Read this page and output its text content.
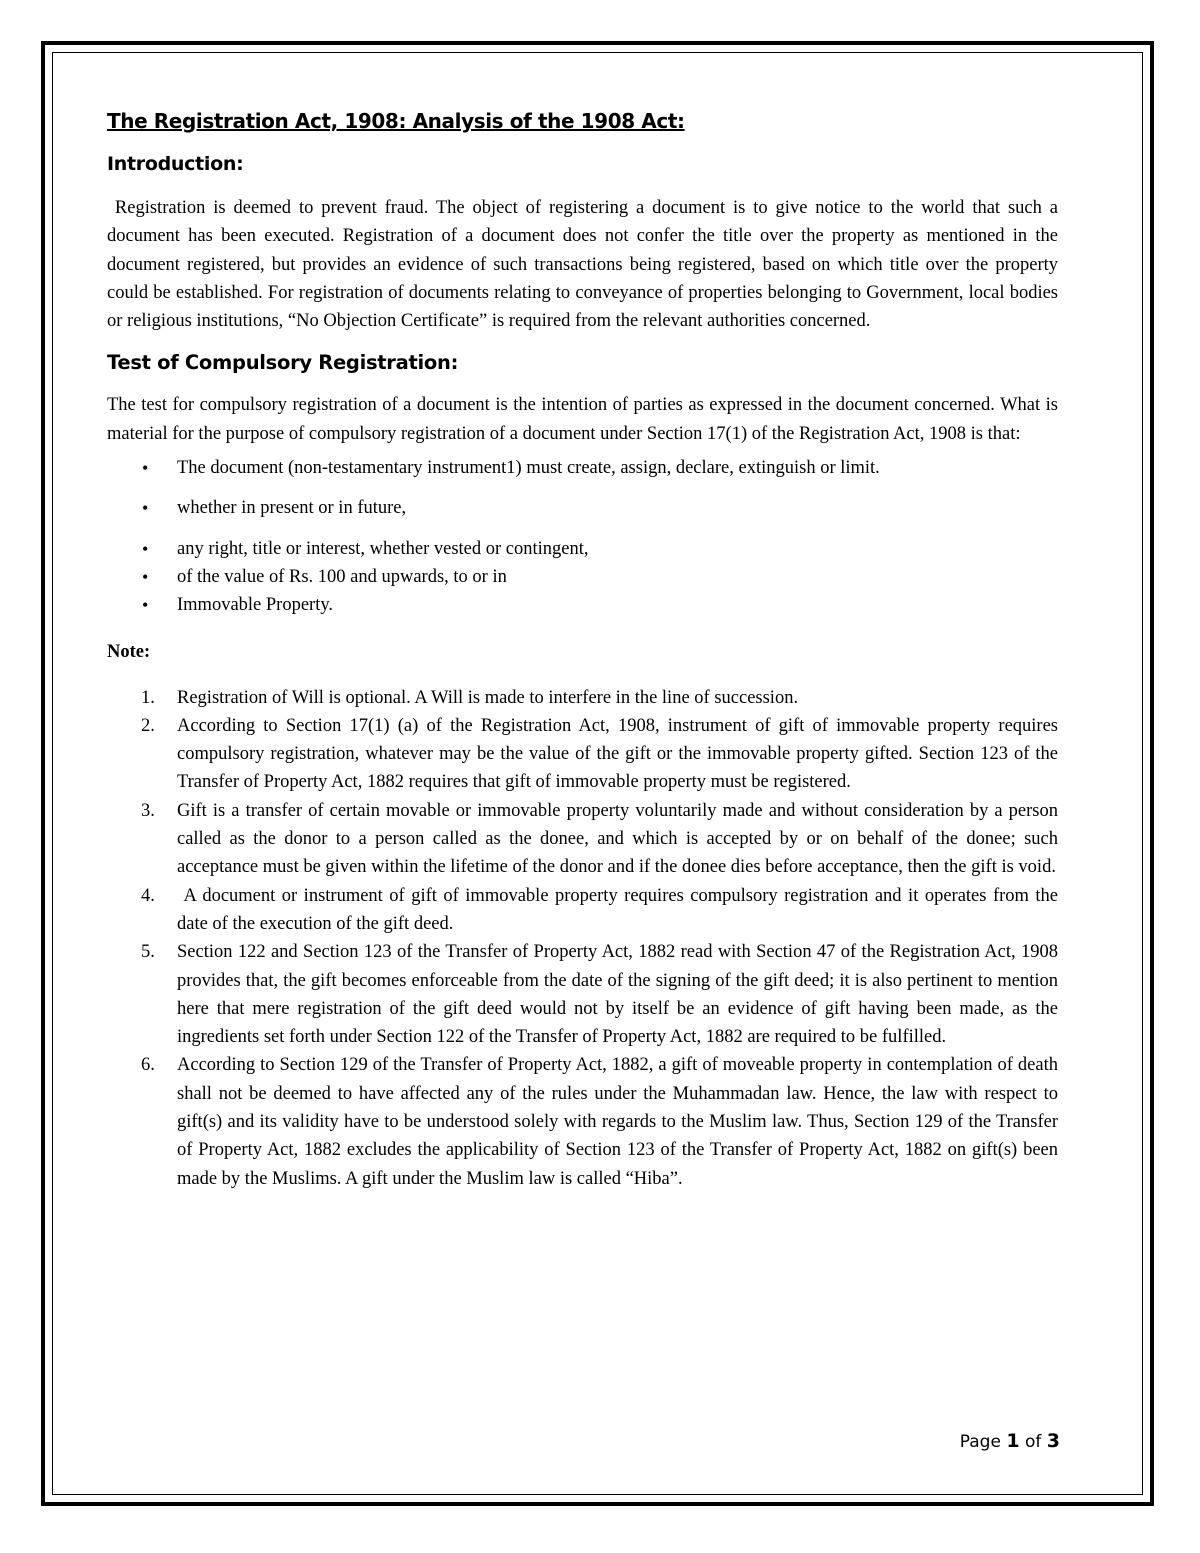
The Registration Act, 1908: Analysis of the 1908 Act:
Introduction:

Registration is deemed to prevent fraud. The object of registering a document is to give notice to the world that such a document has been executed. Registration of a document does not confer the title over the property as mentioned in the document registered, but provides an evidence of such transactions being registered, based on which title over the property could be established. For registration of documents relating to conveyance of properties belonging to Government, local bodies or religious institutions, “No Objection Certificate” is required from the relevant authorities concerned.

Test of Compulsory Registration:

The test for compulsory registration of a document is the intention of parties as expressed in the document concerned. What is material for the purpose of compulsory registration of a document under Section 17(1) of the Registration Act, 1908 is that:

• The document (non-testamentary instrument1) must create, assign, declare, extinguish or limit.
• whether in present or in future,
• any right, title or interest, whether vested or contingent,
• of the value of Rs. 100 and upwards, to or in
• Immovable Property.
Note:
1. Registration of Will is optional. A Will is made to interfere in the line of succession.
2. According to Section 17(1) (a) of the Registration Act, 1908, instrument of gift of immovable property requires compulsory registration, whatever may be the value of the gift or the immovable property gifted. Section 123 of the Transfer of Property Act, 1882 requires that gift of immovable property must be registered.
3. Gift is a transfer of certain movable or immovable property voluntarily made and without consideration by a person called as the donor to a person called as the donee, and which is accepted by or on behalf of the donee; such acceptance must be given within the lifetime of the donor and if the donee dies before acceptance, then the gift is void.
4. A document or instrument of gift of immovable property requires compulsory registration and it operates from the date of the execution of the gift deed.
5. Section 122 and Section 123 of the Transfer of Property Act, 1882 read with Section 47 of the Registration Act, 1908 provides that, the gift becomes enforceable from the date of the signing of the gift deed; it is also pertinent to mention here that mere registration of the gift deed would not by itself be an evidence of gift having been made, as the ingredients set forth under Section 122 of the Transfer of Property Act, 1882 are required to be fulfilled.
6. According to Section 129 of the Transfer of Property Act, 1882, a gift of moveable property in contemplation of death shall not be deemed to have affected any of the rules under the Muhammadan law. Hence, the law with respect to gift(s) and its validity have to be understood solely with regards to the Muslim law. Thus, Section 129 of the Transfer of Property Act, 1882 excludes the applicability of Section 123 of the Transfer of Property Act, 1882 on gift(s) been made by the Muslims. A gift under the Muslim law is called “Hiba”.
Page 1 of 3
